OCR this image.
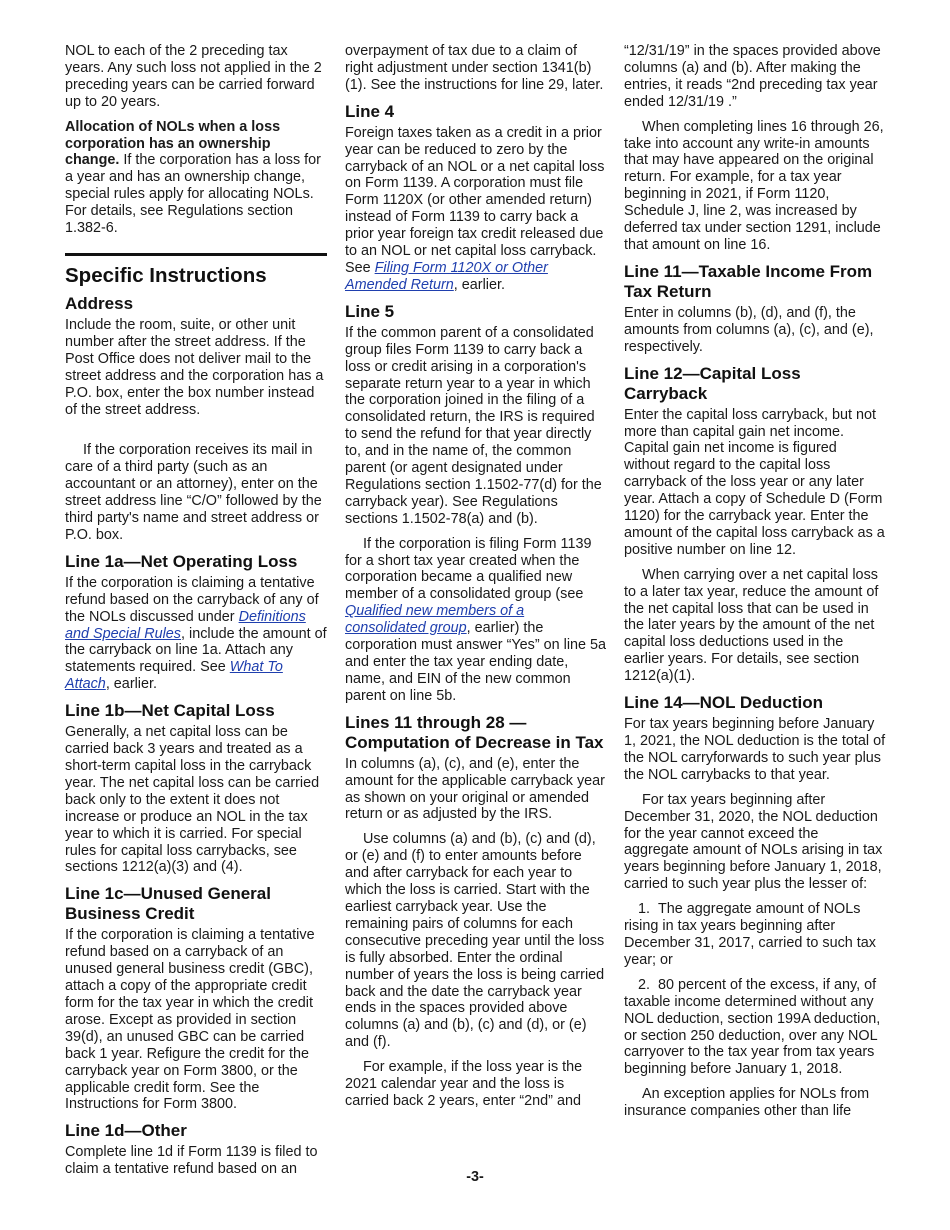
NOL to each of the 2 preceding tax years. Any such loss not applied in the 2 preceding years can be carried forward up to 20 years.

Allocation of NOLs when a loss corporation has an ownership change. If the corporation has a loss for a year and has an ownership change, special rules apply for allocating NOLs. For details, see Regulations section 1.382-6.

Specific Instructions
Address

Include the room, suite, or other unit number after the street address. If the Post Office does not deliver mail to the street address and the corporation has a P.O. box, enter the box number instead of the street address.

If the corporation receives its mail in care of a third party (such as an accountant or an attorney), enter on the street address line “C/O” followed by the third party's name and street address or P.O. box.

Line 1a—Net Operating Loss

If the corporation is claiming a tentative refund based on the carryback of any of the NOLs discussed under Definitions and Special Rules, include the amount of the carryback on line 1a. Attach any statements required. See What To Attach, earlier.

Line 1b—Net Capital Loss

Generally, a net capital loss can be carried back 3 years and treated as a short-term capital loss in the carryback year. The net capital loss can be carried back only to the extent it does not increase or produce an NOL in the tax year to which it is carried. For special rules for capital loss carrybacks, see sections 1212(a)(3) and (4).

Line 1c—Unused General Business Credit

If the corporation is claiming a tentative refund based on a carryback of an unused general business credit (GBC), attach a copy of the appropriate credit form for the tax year in which the credit arose. Except as provided in section 39(d), an unused GBC can be carried back 1 year. Refigure the credit for the carryback year on Form 3800, or the applicable credit form. See the Instructions for Form 3800.

Line 1d—Other

Complete line 1d if Form 1139 is filed to claim a tentative refund based on an

overpayment of tax due to a claim of right adjustment under section 1341(b)(1). See the instructions for line 29, later.

Line 4

Foreign taxes taken as a credit in a prior year can be reduced to zero by the carryback of an NOL or a net capital loss on Form 1139. A corporation must file Form 1120X (or other amended return) instead of Form 1139 to carry back a prior year foreign tax credit released due to an NOL or net capital loss carryback. See Filing Form 1120X or Other Amended Return, earlier.

Line 5

If the common parent of a consolidated group files Form 1139 to carry back a loss or credit arising in a corporation's separate return year to a year in which the corporation joined in the filing of a consolidated return, the IRS is required to send the refund for that year directly to, and in the name of, the common parent (or agent designated under Regulations section 1.1502-77(d) for the carryback year). See Regulations sections 1.1502-78(a) and (b).

If the corporation is filing Form 1139 for a short tax year created when the corporation became a qualified new member of a consolidated group (see Qualified new members of a consolidated group, earlier) the corporation must answer “Yes” on line 5a and enter the tax year ending date, name, and EIN of the new common parent on line 5b.

Lines 11 through 28 — Computation of Decrease in Tax

In columns (a), (c), and (e), enter the amount for the applicable carryback year as shown on your original or amended return or as adjusted by the IRS.

Use columns (a) and (b), (c) and (d), or (e) and (f) to enter amounts before and after carryback for each year to which the loss is carried. Start with the earliest carryback year. Use the remaining pairs of columns for each consecutive preceding year until the loss is fully absorbed. Enter the ordinal number of years the loss is being carried back and the date the carryback year ends in the spaces provided above columns (a) and (b), (c) and (d), or (e) and (f).

For example, if the loss year is the 2021 calendar year and the loss is carried back 2 years, enter “2nd” and

“12/31/19” in the spaces provided above columns (a) and (b). After making the entries, it reads “2nd preceding tax year ended 12/31/19 .”

When completing lines 16 through 26, take into account any write-in amounts that may have appeared on the original return. For example, for a tax year beginning in 2021, if Form 1120, Schedule J, line 2, was increased by deferred tax under section 1291, include that amount on line 16.

Line 11—Taxable Income From Tax Return

Enter in columns (b), (d), and (f), the amounts from columns (a), (c), and (e), respectively.

Line 12—Capital Loss Carryback

Enter the capital loss carryback, but not more than capital gain net income. Capital gain net income is figured without regard to the capital loss carryback of the loss year or any later year. Attach a copy of Schedule D (Form 1120) for the carryback year. Enter the amount of the capital loss carryback as a positive number on line 12.

When carrying over a net capital loss to a later tax year, reduce the amount of the net capital loss that can be used in the later years by the amount of the net capital loss deductions used in the earlier years. For details, see section 1212(a)(1).

Line 14—NOL Deduction

For tax years beginning before January 1, 2021, the NOL deduction is the total of the NOL carryforwards to such year plus the NOL carrybacks to that year.

For tax years beginning after December 31, 2020, the NOL deduction for the year cannot exceed the aggregate amount of NOLs arising in tax years beginning before January 1, 2018, carried to such year plus the lesser of:

1.  The aggregate amount of NOLs rising in tax years beginning after December 31, 2017, carried to such tax year; or

2.  80 percent of the excess, if any, of taxable income determined without any NOL deduction, section 199A deduction, or section 250 deduction, over any NOL carryover to the tax year from tax years beginning before January 1, 2018.

An exception applies for NOLs from insurance companies other than life

-3-
